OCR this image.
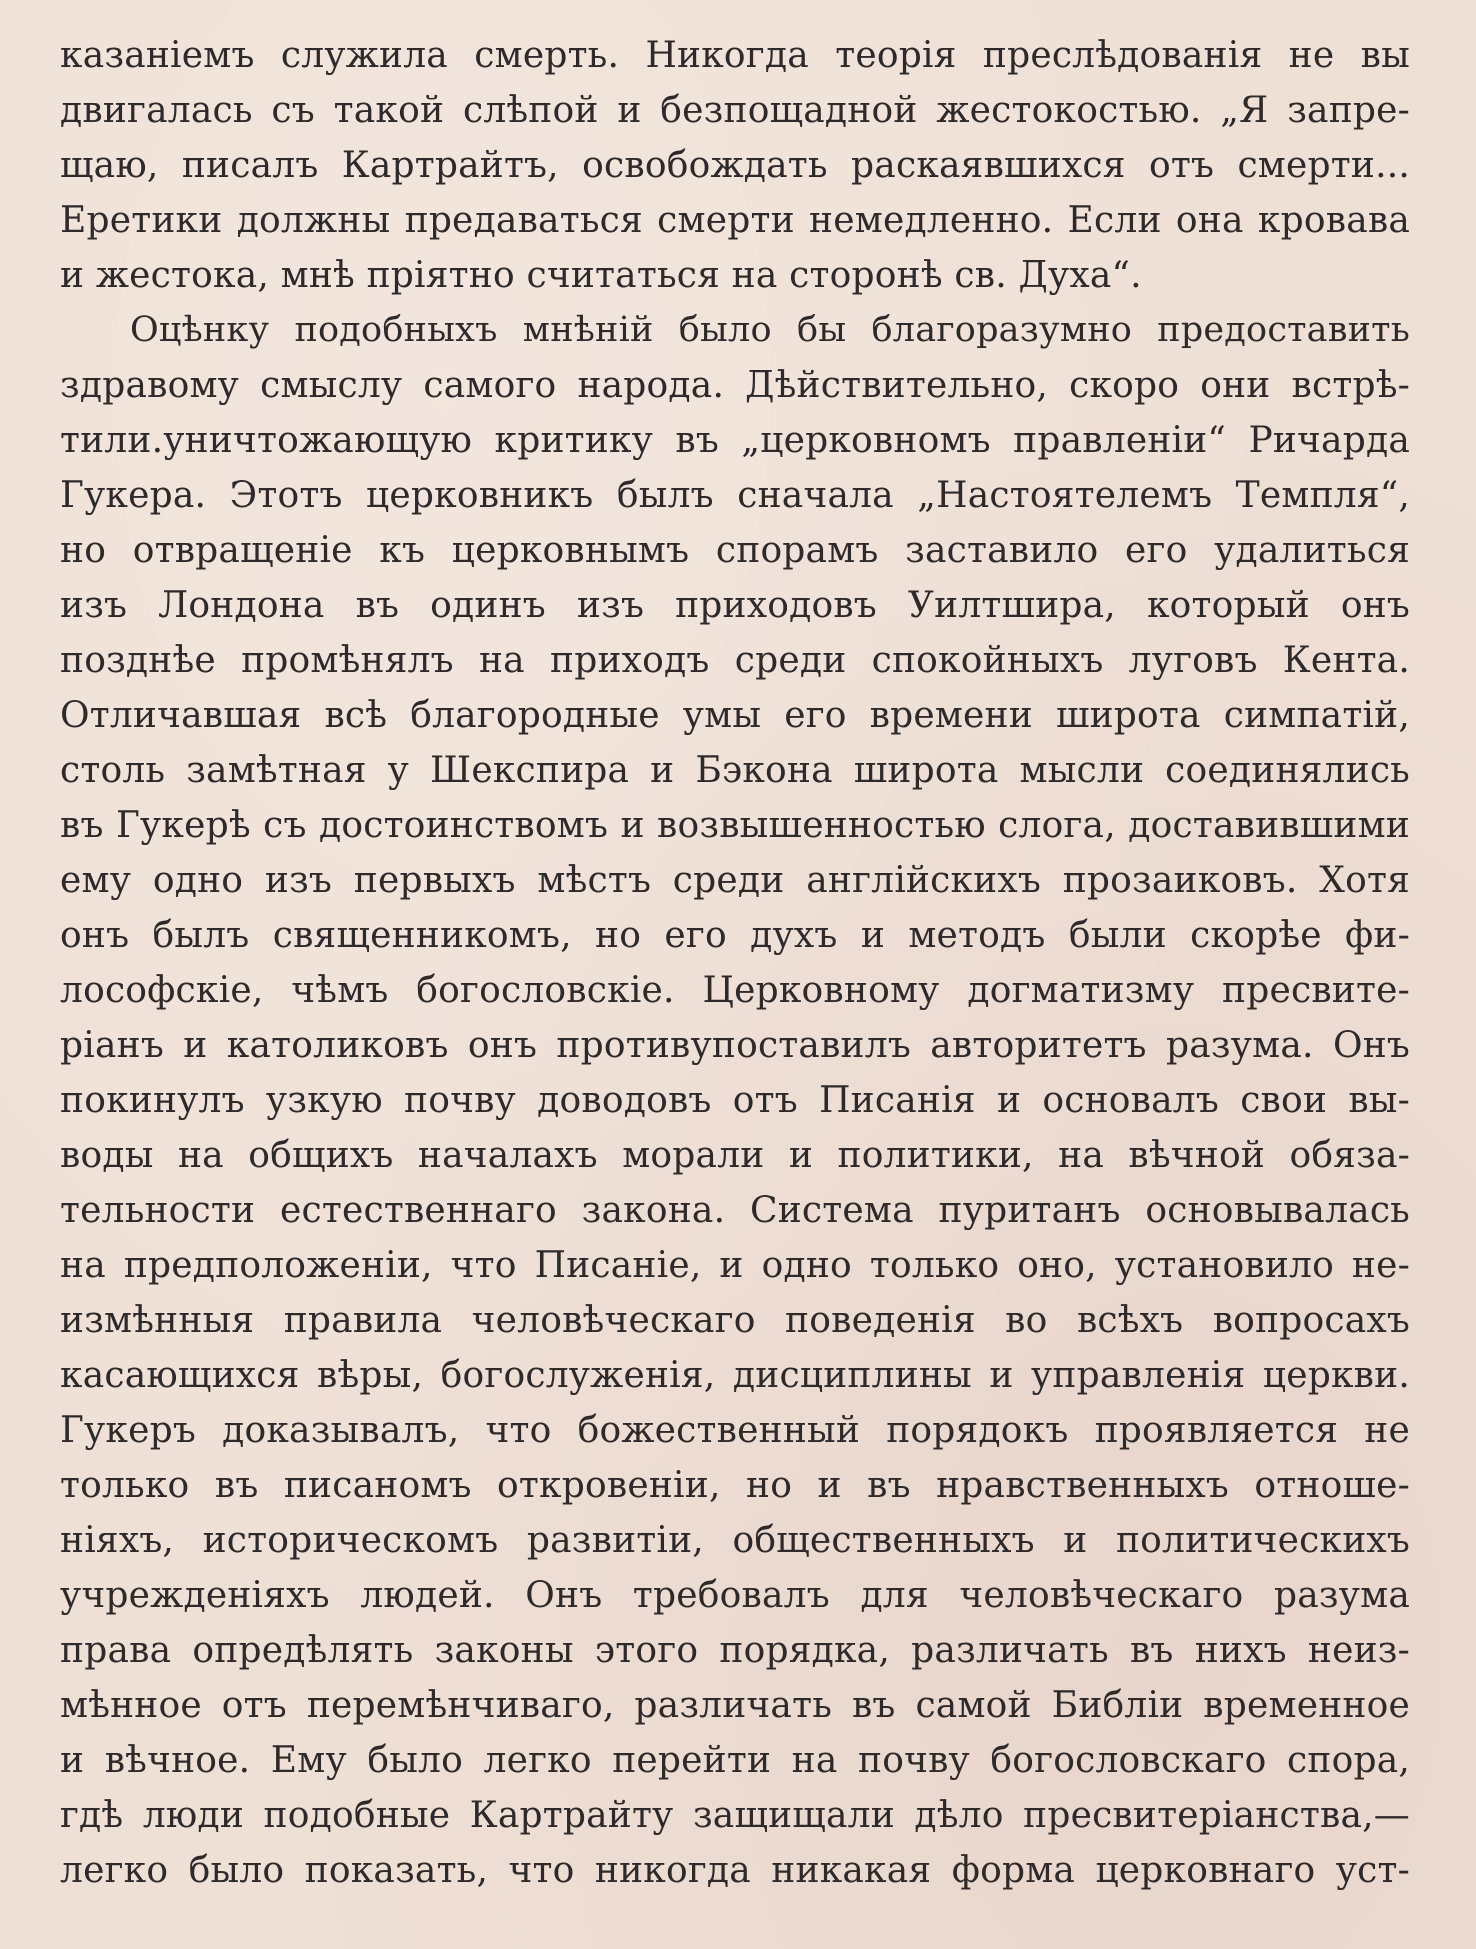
казаніемъ служила смерть. Никогда теорія преслѣдованія не вы
двигалась съ такой слѣпой и безпощадной жестокостью. „Я запре-
щаю, писалъ Картрайтъ, освобождать раскаявшихся отъ смерти...
Еретики должны предаваться смерти немедленно. Если она кровава
и жестока, мнѣ пріятно считаться на сторонѣ св. Духа“.
Оцѣнку подобныхъ мнѣній было бы благоразумно предоставить
здравому смыслу самого народа. Дѣйствительно, скоро они встрѣ-
тили.уничтожающую критику въ „церковномъ правленіи“ Ричарда
Гукера. Этотъ церковникъ былъ сначала „Настоятелемъ Темпля“,
но отвращеніе къ церковнымъ спорамъ заставило его удалиться
изъ Лондона въ одинъ изъ приходовъ Уилтшира, который онъ
позднѣе промѣнялъ на приходъ среди спокойныхъ луговъ Кента.
Отличавшая всѣ благородные умы его времени широта симпатій,
столь замѣтная у Шекспира и Бэкона широта мысли соединялись
въ Гукерѣ съ достоинствомъ и возвышенностью слога, доставившими
ему одно изъ первыхъ мѣстъ среди англійскихъ прозаиковъ. Хотя
онъ былъ священникомъ, но его духъ и методъ были скорѣе фи-
лософскіе, чѣмъ богословскіе. Церковному догматизму пресвите-
ріанъ и католиковъ онъ противупоставилъ авторитетъ разума. Онъ
покинулъ узкую почву доводовъ отъ Писанія и основалъ свои вы-
воды на общихъ началахъ морали и политики, на вѣчной обяза-
тельности естественнаго закона. Система пуританъ основывалась
на предположеніи, что Писаніе, и одно только оно, установило не-
измѣнныя правила человѣческаго поведенія во всѣхъ вопросахъ
касающихся вѣры, богослуженія, дисциплины и управленія церкви.
Гукеръ доказывалъ, что божественный порядокъ проявляется не
только въ писаномъ откровеніи, но и въ нравственныхъ отноше-
ніяхъ, историческомъ развитіи, общественныхъ и политическихъ
учрежденіяхъ людей. Онъ требовалъ для человѣческаго разума
права опредѣлять законы этого порядка, различать въ нихъ неиз-
мѣнное отъ перемѣнчиваго, различать въ самой Библіи временное
и вѣчное. Ему было легко перейти на почву богословскаго спора,
гдѣ люди подобные Картрайту защищали дѣло пресвитеріанства,—
легко было показать, что никогда никакая форма церковнаго уст-
